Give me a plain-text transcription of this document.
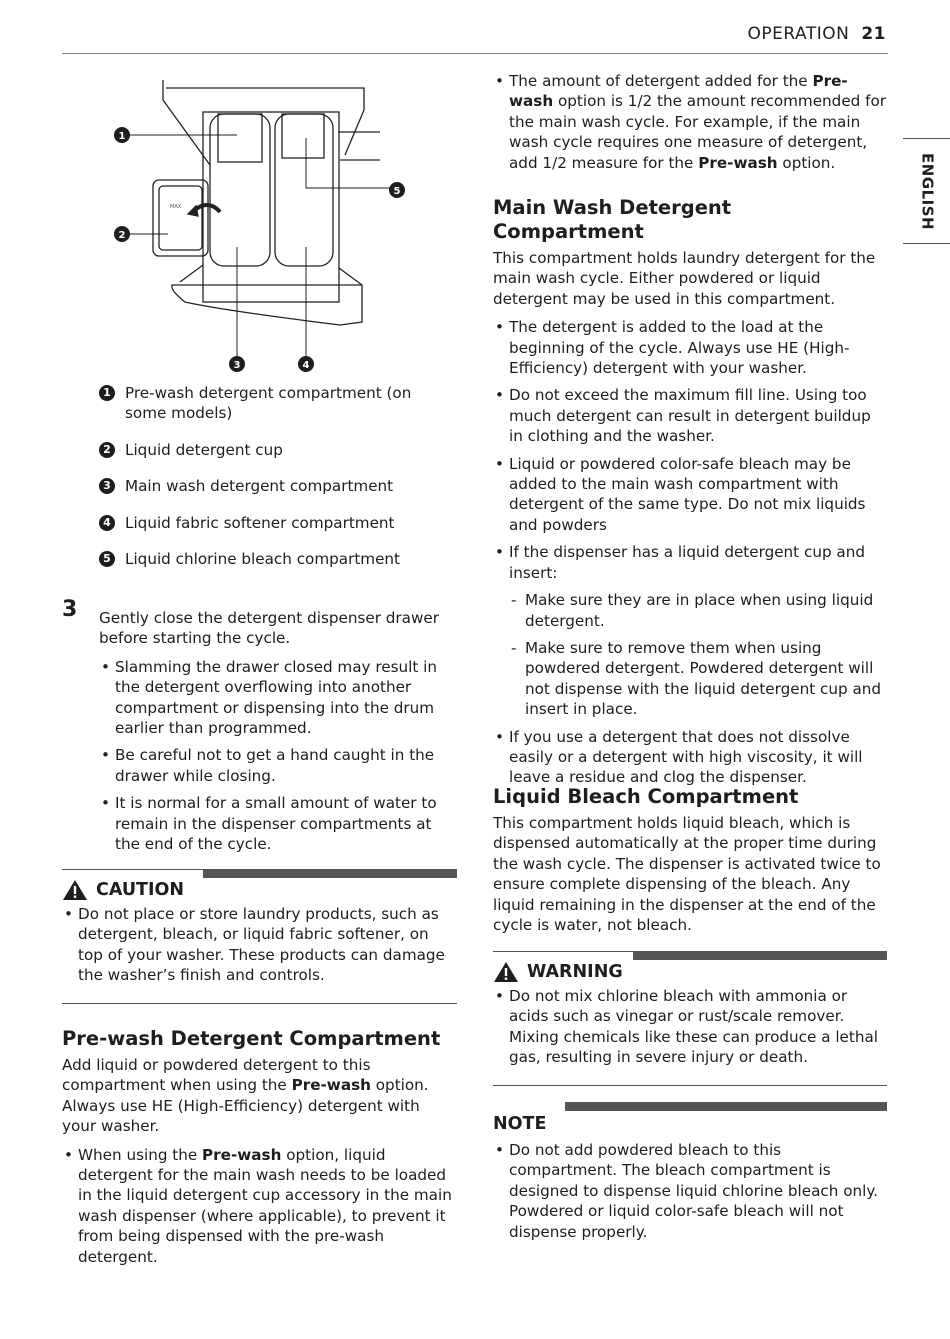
OPERATION 21
ENGLISH
MAX
1
2
3	4
5
1 Pre-wash detergent compartment (on some models)
2 Liquid detergent cup
3 Main wash detergent compartment
4 Liquid fabric softener compartment
5 Liquid chlorine bleach compartment
3 Gently close the detergent dispenser drawer before starting the cycle.

• Slamming the drawer closed may result in the detergent overflowing into another compartment or dispensing into the drum earlier than programmed.
• Be careful not to get a hand caught in the drawer while closing.
• It is normal for a small amount of water to remain in the dispenser compartments at the end of the cycle.
CAUTION
• Do not place or store laundry products, such as detergent, bleach, or liquid fabric softener, on top of your washer. These products can damage the washer’s finish and controls.
Pre-wash Detergent Compartment

Add liquid or powdered detergent to this compartment when using the Pre-wash option. Always use HE (High-Efficiency) detergent with your washer.

• When using the Pre-wash option, liquid detergent for the main wash needs to be loaded in the liquid detergent cup accessory in the main wash dispenser (where applicable), to prevent it from being dispensed with the pre-wash detergent.
• The amount of detergent added for the Pre-wash option is 1/2 the amount recommended for the main wash cycle. For example, if the main wash cycle requires one measure of detergent, add 1/2 measure for the Pre-wash option.
Main Wash Detergent Compartment

This compartment holds laundry detergent for the main wash cycle. Either powdered or liquid detergent may be used in this compartment.

• The detergent is added to the load at the beginning of the cycle. Always use HE (High-Efficiency) detergent with your washer.
• Do not exceed the maximum fill line. Using too much detergent can result in detergent buildup in clothing and the washer.
• Liquid or powdered color-safe bleach may be added to the main wash compartment with detergent of the same type. Do not mix liquids and powders
• If the dispenser has a liquid detergent cup and insert:
- Make sure they are in place when using liquid detergent.
- Make sure to remove them when using powdered detergent. Powdered detergent will not dispense with the liquid detergent cup and insert in place.
• If you use a detergent that does not dissolve easily or a detergent with high viscosity, it will leave a residue and clog the dispenser.
Liquid Bleach Compartment

This compartment holds liquid bleach, which is dispensed automatically at the proper time during the wash cycle. The dispenser is activated twice to ensure complete dispensing of the bleach. Any liquid remaining in the dispenser at the end of the cycle is water, not bleach.

WARNING
• Do not mix chlorine bleach with ammonia or acids such as vinegar or rust/scale remover. Mixing chemicals like these can produce a lethal gas, resulting in severe injury or death.
NOTE
• Do not add powdered bleach to this compartment. The bleach compartment is designed to dispense liquid chlorine bleach only. Powdered or liquid color-safe bleach will not dispense properly.
